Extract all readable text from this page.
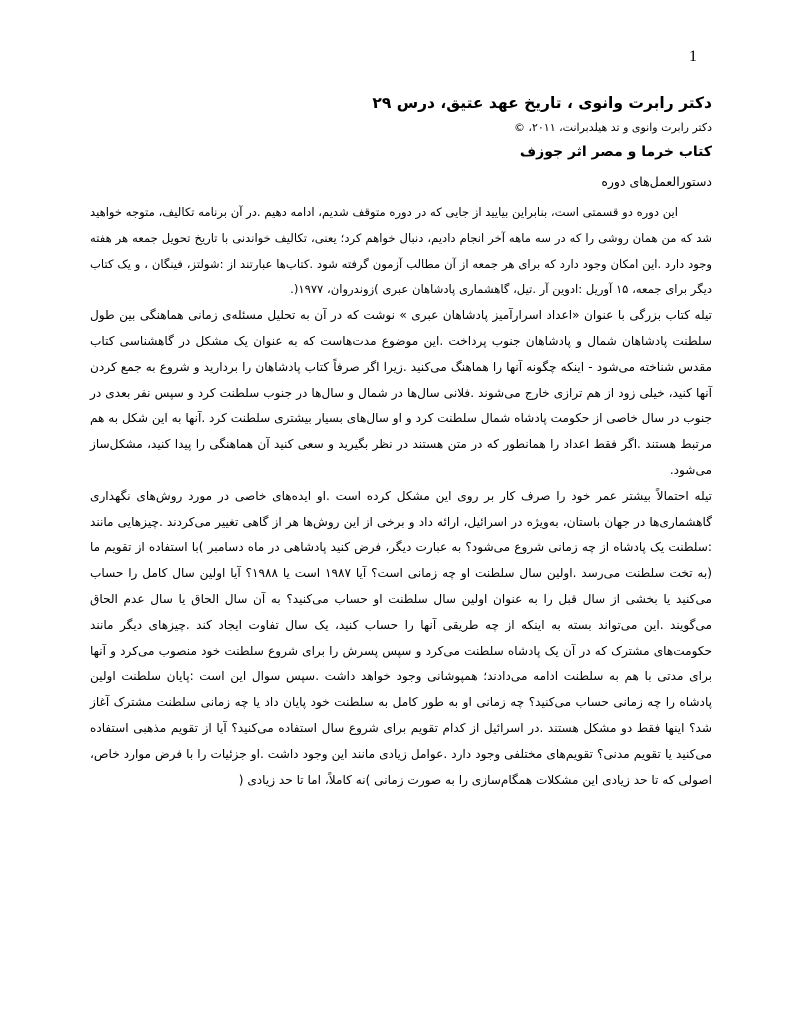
1
دکتر رابرت وانوی ، تاریخ عهد عتیق، درس ۲۹
دکتر رابرت وانوی و تد هیلدبرانت، ۲۰۱۱، ©
کتاب خرما و مصر اثر جوزف
دستورالعمل‌های دوره

این دوره دو قسمتی است، بنابراین بیایید از جایی که در دوره متوقف شدیم، ادامه دهیم .در آن برنامه تکالیف، متوجه خواهید شد که من همان روشی را که در سه ماهه آخر انجام دادیم، دنبال خواهم کرد؛ یعنی، تکالیف خواندنی با تاریخ تحویل جمعه هر هفته وجود دارد .این امکان وجود دارد که برای هر جمعه از آن مطالب آزمون گرفته شود .کتاب‌ها عبارتند از :شولتز، فینگان ، و یک کتاب دیگر برای جمعه، ۱۵ آوریل :ادوین آر .تیل، گاهشماری پادشاهان عبری )زوندروان، ۱۹۷۷(.

تیله کتاب بزرگی با عنوان «اعداد اسرارآمیز پادشاهان عبری » نوشت که در آن به تحلیل مسئله‌ی زمانی هماهنگی بین طول سلطنت پادشاهان شمال و پادشاهان جنوب پرداخت .این موضوع مدت‌هاست که به عنوان یک مشکل در گاهشناسی کتاب مقدس شناخته می‌شود - اینکه چگونه آنها را هماهنگ می‌کنید .زیرا اگر صرفاً کتاب پادشاهان را بردارید و شروع به جمع کردن آنها کنید، خیلی زود از هم ترازی خارج می‌شوند .فلانی سال‌ها در شمال و سال‌ها در جنوب سلطنت کرد و سپس نفر بعدی در جنوب در سال خاصی از حکومت پادشاه شمال سلطنت کرد و او سال‌های بسیار بیشتری سلطنت کرد .آنها به این شکل به هم مرتبط هستند .اگر فقط اعداد را همانطور که در متن هستند در نظر بگیرید و سعی کنید آن هماهنگی را پیدا کنید، مشکل‌ساز می‌شود.

تیله احتمالاً بیشتر عمر خود را صرف کار بر روی این مشکل کرده است .او ایده‌های خاصی در مورد روش‌های نگهداری گاهشماری‌ها در جهان باستان، به‌ویژه در اسرائیل، ارائه داد و برخی از این روش‌ها هر از گاهی تغییر می‌کردند .چیزهایی مانند :سلطنت یک پادشاه از چه زمانی شروع می‌شود؟ به عبارت دیگر، فرض کنید پادشاهی در ماه دسامبر )با استفاده از تقویم ما (به تخت سلطنت می‌رسد .اولین سال سلطنت او چه زمانی است؟ آیا ۱۹۸۷ است یا ۱۹۸۸؟ آیا اولین سال کامل را حساب می‌کنید یا بخشی از سال قبل را به عنوان اولین سال سلطنت او حساب می‌کنید؟ به آن سال الحاق یا سال عدم الحاق می‌گویند .این می‌تواند بسته به اینکه از چه طریقی آنها را حساب کنید، یک سال تفاوت ایجاد کند .چیزهای دیگر مانند حکومت‌های مشترک که در آن یک پادشاه سلطنت می‌کرد و سپس پسرش را برای شروع سلطنت خود منصوب می‌کرد و آنها برای مدتی با هم به سلطنت ادامه می‌دادند؛ همپوشانی وجود خواهد داشت .سپس سوال این است :پایان سلطنت اولین پادشاه را چه زمانی حساب می‌کنید؟ چه زمانی او به طور کامل به سلطنت خود پایان داد یا چه زمانی سلطنت مشترک آغاز شد؟ اینها فقط دو مشکل هستند .در اسرائیل از کدام تقویم برای شروع سال استفاده می‌کنید؟ آیا از تقویم مذهبی استفاده می‌کنید یا تقویم مدنی؟ تقویم‌های مختلفی وجود دارد .عوامل زیادی مانند این وجود داشت .او جزئیات را با فرض موارد خاص، اصولی که تا حد زیادی این مشکلات همگام‌سازی را به صورت زمانی )نه کاملاً، اما تا حد زیادی (
